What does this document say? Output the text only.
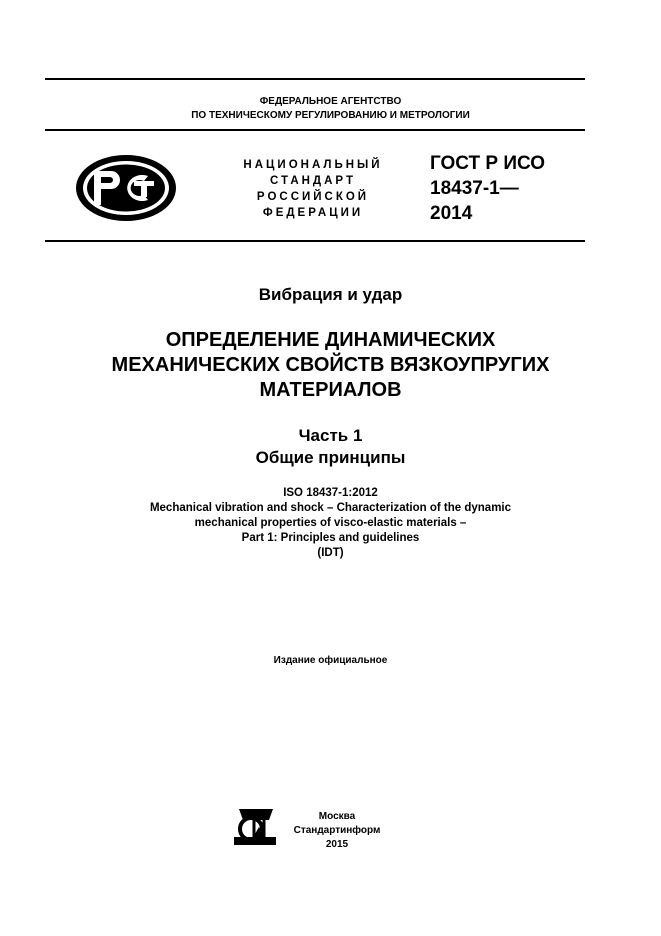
ФЕДЕРАЛЬНОЕ АГЕНТСТВО
ПО ТЕХНИЧЕСКОМУ РЕГУЛИРОВАНИЮ И МЕТРОЛОГИИ
НАЦИОНАЛЬНЫЙ
СТАНДАРТ
РОССИЙСКОЙ
ФЕДЕРАЦИИ
ГОСТ Р ИСО
18437-1—
2014
Вибрация и удар
ОПРЕДЕЛЕНИЕ ДИНАМИЧЕСКИХ
МЕХАНИЧЕСКИХ СВОЙСТВ ВЯЗКОУПРУГИХ
МАТЕРИАЛОВ
Часть 1
Общие принципы
ISO 18437-1:2012
Mechanical vibration and shock – Characterization of the dynamic
mechanical properties of visco-elastic materials –
Part 1: Principles and guidelines
(IDT)
Издание официальное
Москва
Стандартинформ
2015
